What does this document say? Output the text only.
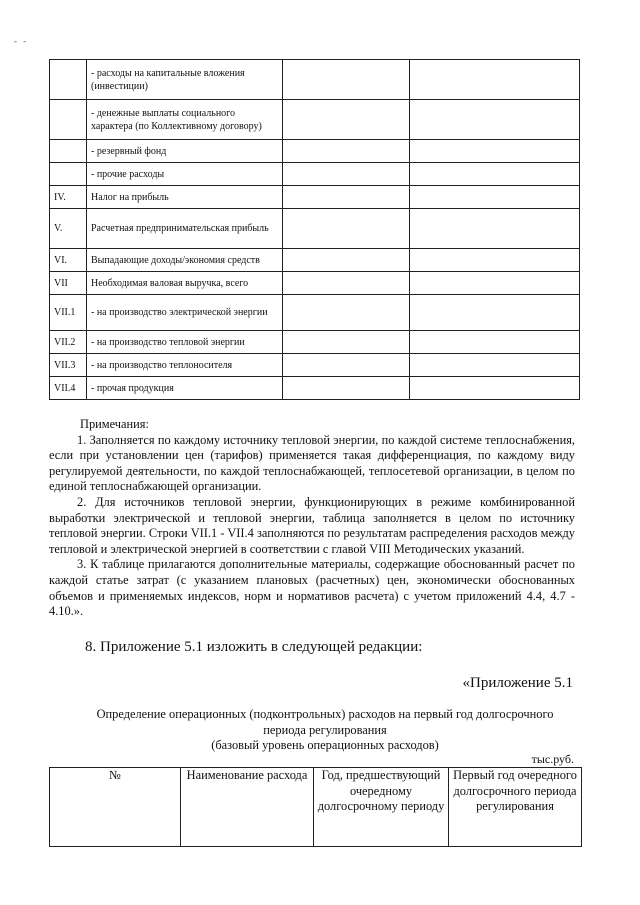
- -
	- расходы на капитальные вложения (инвестиции)		
	- денежные выплаты социального характера (по Коллективному договору)		
	- резервный фонд		
	- прочие расходы		
IV.	Налог на прибыль		
V.	Расчетная предпринимательская прибыль		
VI.	Выпадающие доходы/экономия средств		
VII	Необходимая валовая выручка, всего		
VII.1	- на производство электрической энергии		
VII.2	- на производство тепловой энергии		
VII.3	- на производство теплоносителя		
VII.4	- прочая продукция		

Примечания:

1. Заполняется по каждому источнику тепловой энергии, по каждой системе теплоснабжения, если при установлении цен (тарифов) применяется такая дифференциация, по каждому виду регулируемой деятельности, по каждой теплоснабжающей, теплосетевой организации, в целом по единой теплоснабжающей организации.

2. Для источников тепловой энергии, функционирующих в режиме комбинированной выработки электрической и тепловой энергии, таблица заполняется в целом по источнику тепловой энергии. Строки VII.1 - VII.4 заполняются по результатам распределения расходов между тепловой и электрической энергией в соответствии с главой VIII Методических указаний.

3. К таблице прилагаются дополнительные материалы, содержащие обоснованный расчет по каждой статье затрат (с указанием плановых (расчетных) цен, экономически обоснованных объемов и применяемых индексов, норм и нормативов расчета) с учетом приложений 4.4, 4.7 - 4.10.».

8. Приложение 5.1 изложить в следующей редакции:
«Приложение 5.1
Определение операционных (подконтрольных) расходов на первый год долгосрочного
периода регулирования
(базовый уровень операционных расходов)
тыс.руб.
№	Наименование расхода	Год, предшествующий очередному долгосрочному периоду	Первый год очередного долгосрочного периода регулирования
